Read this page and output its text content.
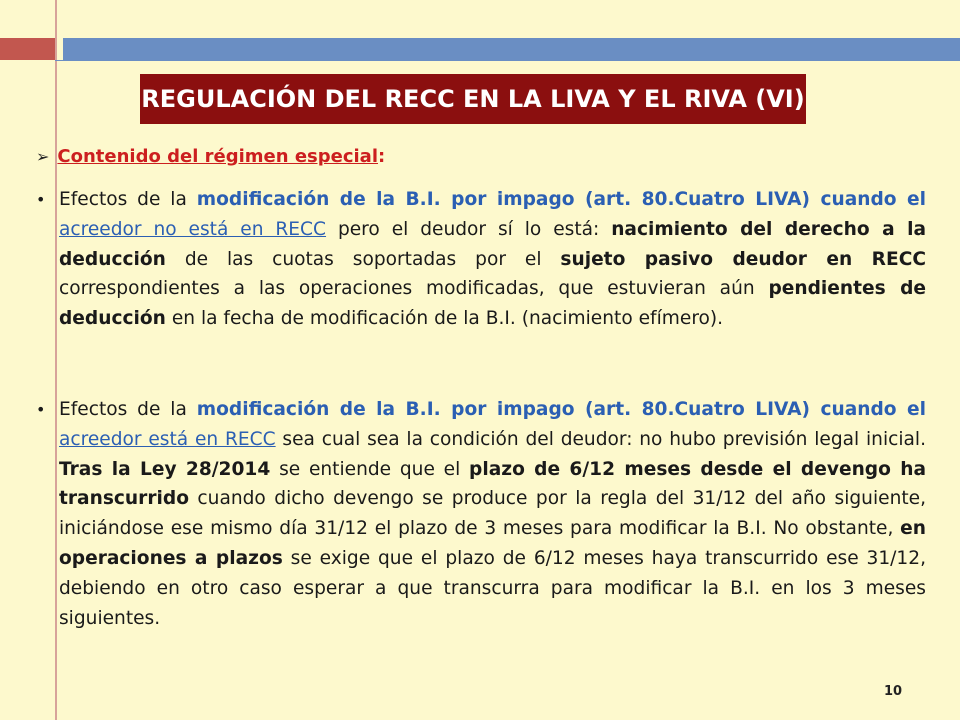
REGULACIÓN DEL RECC EN LA LIVA Y EL RIVA (VI)
➢ Contenido del régimen especial:
• Efectos de la modificación de la B.I. por impago (art. 80.Cuatro LIVA) cuando el acreedor no está en RECC pero el deudor sí lo está: nacimiento del derecho a la deducción de las cuotas soportadas por el sujeto pasivo deudor en RECC correspondientes a las operaciones modificadas, que estuvieran aún pendientes de deducción en la fecha de modificación de la B.I. (nacimiento efímero).
• Efectos de la modificación de la B.I. por impago (art. 80.Cuatro LIVA) cuando el acreedor está en RECC sea cual sea la condición del deudor: no hubo previsión legal inicial. Tras la Ley 28/2014 se entiende que el plazo de 6/12 meses desde el devengo ha transcurrido cuando dicho devengo se produce por la regla del 31/12 del año siguiente, iniciándose ese mismo día 31/12 el plazo de 3 meses para modificar la B.I. No obstante, en operaciones a plazos se exige que el plazo de 6/12 meses haya transcurrido ese 31/12, debiendo en otro caso esperar a que transcurra para modificar la B.I. en los 3 meses siguientes.
10
